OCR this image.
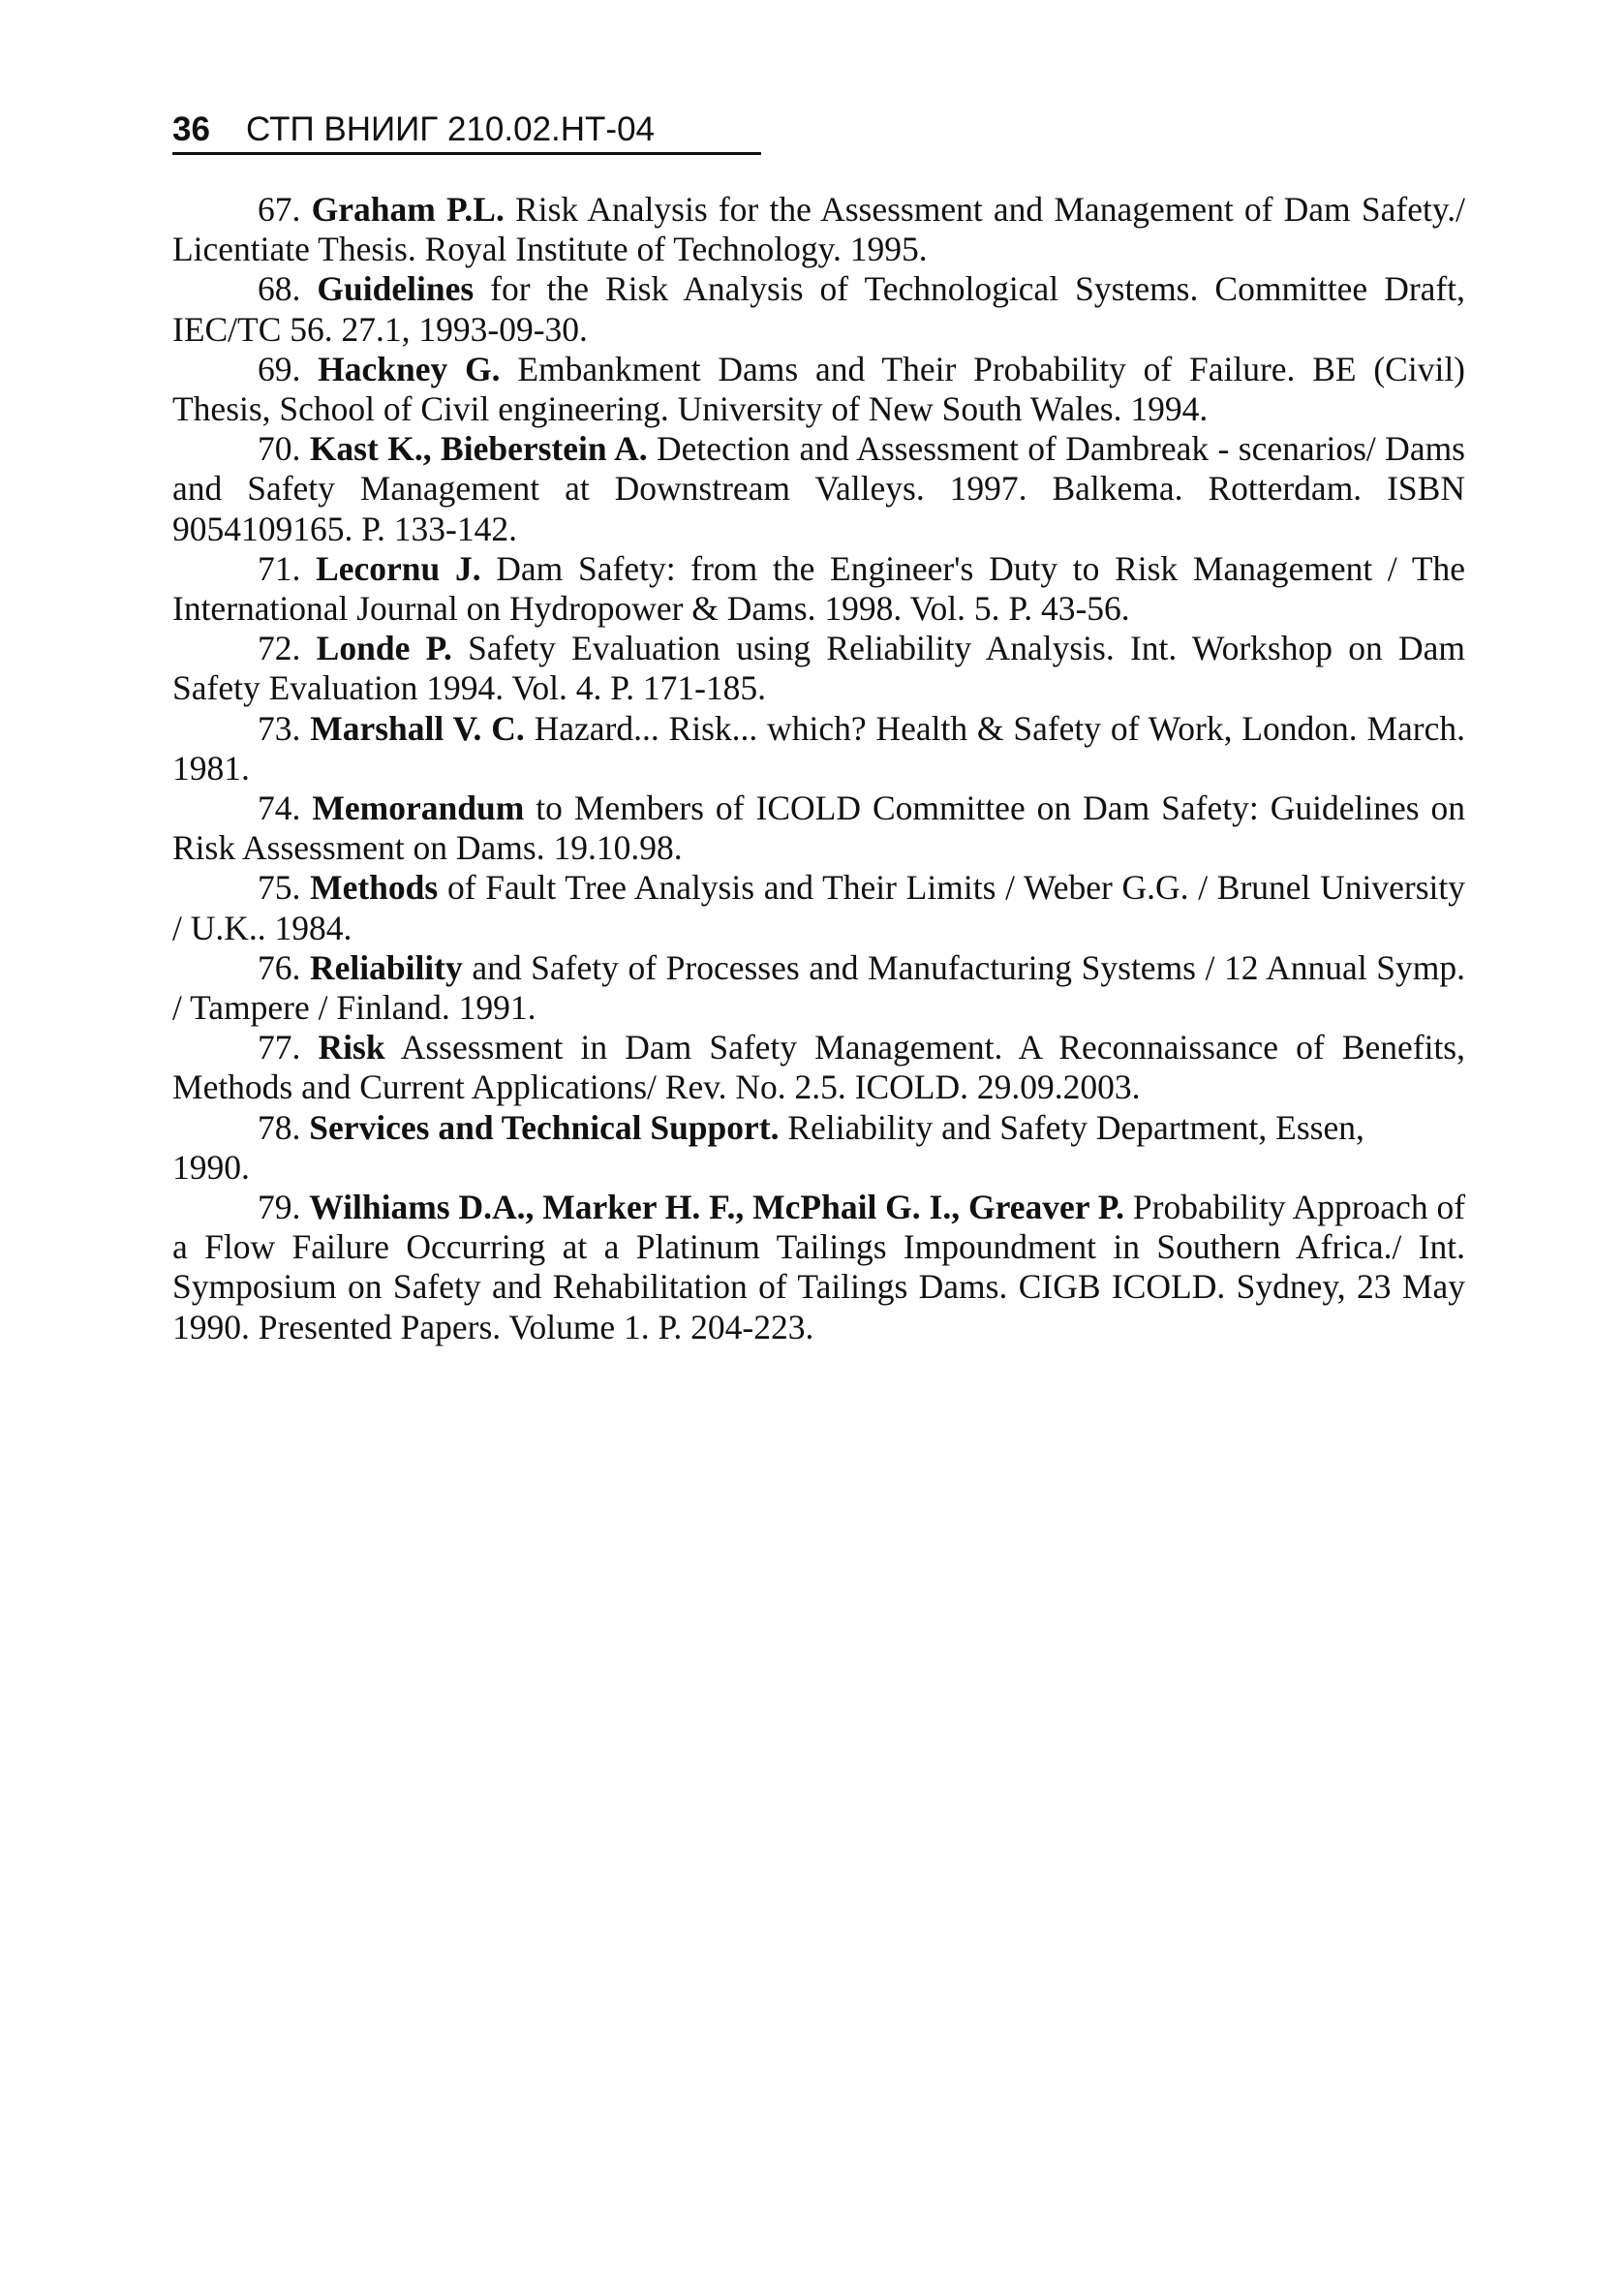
36 СТП ВНИИГ 210.02.НТ-04

67. Graham P.L. Risk Analysis for the Assessment and Management of Dam Safety./ Licentiate Thesis. Royal Institute of Technology. 1995.

68. Guidelines for the Risk Analysis of Technological Systems. Committee Draft, IEC/TC 56. 27.1, 1993-09-30.

69. Hackney G. Embankment Dams and Their Probability of Failure. BE (Civil) Thesis, School of Civil engineering. University of New South Wales. 1994.

70. Kast K., Bieberstein A. Detection and Assessment of Dambreak - scenarios/ Dams and Safety Management at Downstream Valleys. 1997. Balkema. Rotterdam. ISBN 9054109165. P. 133-142.

71. Lecornu J. Dam Safety: from the Engineer's Duty to Risk Management / The International Journal on Hydropower & Dams. 1998. Vol. 5. P. 43-56.

72. Londe P. Safety Evaluation using Reliability Analysis. Int. Workshop on Dam Safety Evaluation 1994. Vol. 4. P. 171-185.

73. Marshall V. C. Hazard... Risk... which? Health & Safety of Work, London. March. 1981.

74. Memorandum to Members of ICOLD Committee on Dam Safety: Guidelines on Risk Assessment on Dams. 19.10.98.

75. Methods of Fault Tree Analysis and Their Limits / Weber G.G. / Brunel University / U.K.. 1984.

76. Reliability and Safety of Processes and Manufacturing Systems / 12 Annual Symp. / Tampere / Finland. 1991.

77. Risk Assessment in Dam Safety Management. A Reconnaissance of Benefits, Methods and Current Applications/ Rev. No. 2.5. ICOLD. 29.09.2003.

78. Services and Technical Support. Reliability and Safety Department, Essen,
1990.

79. Wilhiams D.A., Marker H. F., McPhail G. I., Greaver P. Probability Approach of a Flow Failure Occurring at a Platinum Tailings Impoundment in Southern Africa./ Int. Symposium on Safety and Rehabilitation of Tailings Dams. CIGB ICOLD. Sydney, 23 May 1990. Presented Papers. Volume 1. P. 204-223.
